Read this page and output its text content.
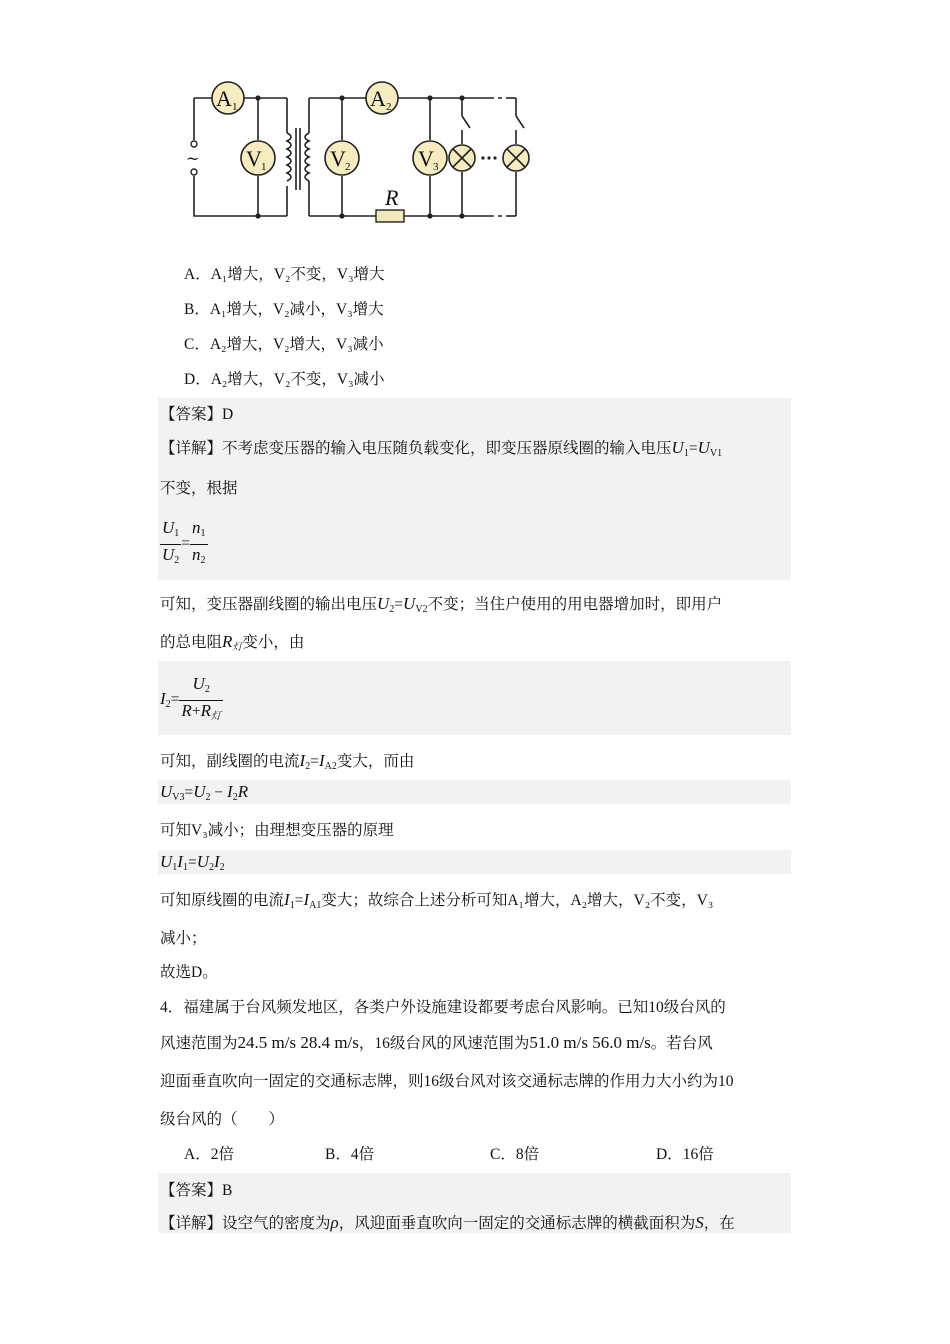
R
~
A 1
V 1
A 2
V 2	V 3
A．A₁增大，V₂不变，V₃增大
B．A₁增大，V₂减小，V₃增大
C．A₂增大，V₂增大，V₃减小
D．A₂增大，V₂不变，V₃减小
【答案】D
【详解】不考虑变压器的输入电压随负载变化，即变压器原线圈的输入电压$U_1=U_{V1}$
不变，根据
$\frac{U_1}{U_2} = \frac{n_1}{n_2}$
可知，变压器副线圈的输出电压$U_2=U_{V2}$不变；当住户使用的用电器增加时，即用户
的总电阻$R_灯$变小，由
$I_2= \frac{U_2}{R+R_灯}$
可知，副线圈的电流$I_2=I_{A2}$变大，而由
$U_{V3}=U_2 - I_2R$
可知V₃减小；由理想变压器的原理
$U_1I_1=U_2I_2$
可知原线圈的电流$I_1=I_{A1}$变大；故综合上述分析可知A₁增大，A₂增大，V₂不变，V₃
减小；
故选D。
4．福建属于台风频发地区，各类户外设施建设都要考虑台风影响。已知10级台风的
风速范围为24.5 m/s 28.4 m/s，16级台风的风速范围为51.0 m/s 56.0 m/s。若台风
迎面垂直吹向一固定的交通标志牌，则16级台风对该交通标志牌的作用力大小约为10
级台风的（　　）
A．2倍	B．4倍	C．8倍	D．16倍
【答案】B
【详解】设空气的密度为ρ，风迎面垂直吹向一固定的交通标志牌的横截面积为S，在
